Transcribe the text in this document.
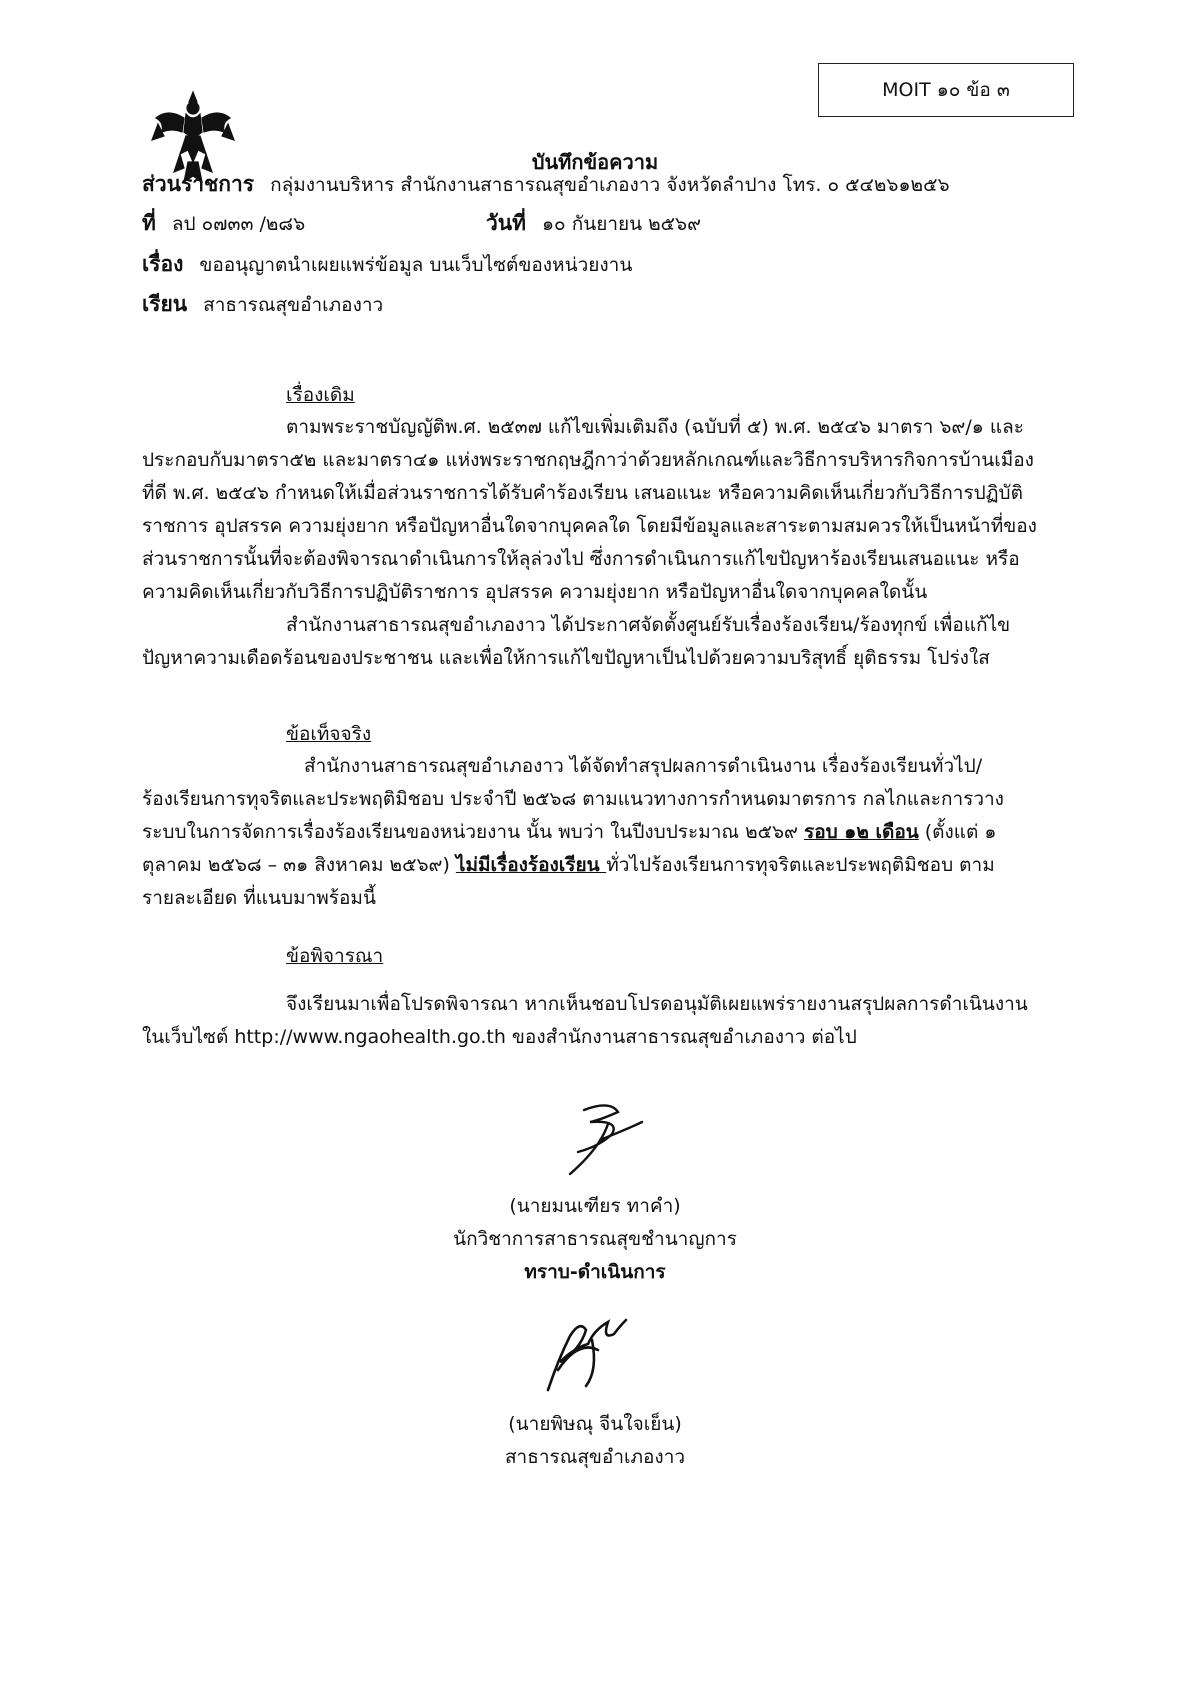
MOIT ๑๐ ข้อ ๓
บันทึกข้อความ
ส่วนราชการ กลุ่มงานบริหาร สำนักงานสาธารณสุขอำเภองาว จังหวัดลำปาง โทร. ๐ ๕๔๒๖๑๒๕๖
ที่ ลป ๐๗๓๓ /๒๘๖	วันที่ ๑๐ กันยายน ๒๕๖๙
เรื่อง ขออนุญาตนำเผยแพร่ข้อมูล บนเว็บไซต์ของหน่วยงาน
เรียน สาธารณสุขอำเภองาว
เรื่องเดิม
ตามพระราชบัญญัติพ.ศ. ๒๕๓๗ แก้ไขเพิ่มเติมถึง (ฉบับที่ ๕) พ.ศ. ๒๕๔๖ มาตรา ๖๙/๑ และ
ประกอบกับมาตรา๕๒ และมาตรา๔๑ แห่งพระราชกฤษฎีกาว่าด้วยหลักเกณฑ์และวิธีการบริหารกิจการบ้านเมือง
ที่ดี พ.ศ. ๒๕๔๖ กำหนดให้เมื่อส่วนราชการได้รับคำร้องเรียน เสนอแนะ หรือความคิดเห็นเกี่ยวกับวิธีการปฏิบัติ
ราชการ อุปสรรค ความยุ่งยาก หรือปัญหาอื่นใดจากบุคคลใด โดยมีข้อมูลและสาระตามสมควรให้เป็นหน้าที่ของ
ส่วนราชการนั้นที่จะต้องพิจารณาดำเนินการให้ลุล่วงไป ซึ่งการดำเนินการแก้ไขปัญหาร้องเรียนเสนอแนะ หรือ
ความคิดเห็นเกี่ยวกับวิธีการปฏิบัติราชการ อุปสรรค ความยุ่งยาก หรือปัญหาอื่นใดจากบุคคลใดนั้น
สำนักงานสาธารณสุขอำเภองาว ได้ประกาศจัดตั้งศูนย์รับเรื่องร้องเรียน/ร้องทุกข์ เพื่อแก้ไข
ปัญหาความเดือดร้อนของประชาชน และเพื่อให้การแก้ไขปัญหาเป็นไปด้วยความบริสุทธิ์ ยุติธรรม โปร่งใส
ข้อเท็จจริง
สำนักงานสาธารณสุขอำเภองาว ได้จัดทำสรุปผลการดำเนินงาน เรื่องร้องเรียนทั่วไป/
ร้องเรียนการทุจริตและประพฤติมิชอบ ประจำปี ๒๕๖๘ ตามแนวทางการกำหนดมาตรการ กลไกและการวาง
ระบบในการจัดการเรื่องร้องเรียนของหน่วยงาน นั้น พบว่า ในปีงบประมาณ ๒๕๖๙ รอบ ๑๒ เดือน (ตั้งแต่ ๑
ตุลาคม ๒๕๖๘ – ๓๑ สิงหาคม ๒๕๖๙) ไม่มีเรื่องร้องเรียน ทั่วไปร้องเรียนการทุจริตและประพฤติมิชอบ ตาม
รายละเอียด ที่แนบมาพร้อมนี้
ข้อพิจารณา
จึงเรียนมาเพื่อโปรดพิจารณา หากเห็นชอบโปรดอนุมัติเผยแพร่รายงานสรุปผลการดำเนินงาน
ในเว็บไซต์ http://www.ngaohealth.go.th ของสำนักงานสาธารณสุขอำเภองาว ต่อไป
(นายมนเฑียร ทาคำ)
นักวิชาการสาธารณสุขชำนาญการ
ทราบ-ดำเนินการ
(นายพิษณุ จีนใจเย็น)
สาธารณสุขอำเภองาว
